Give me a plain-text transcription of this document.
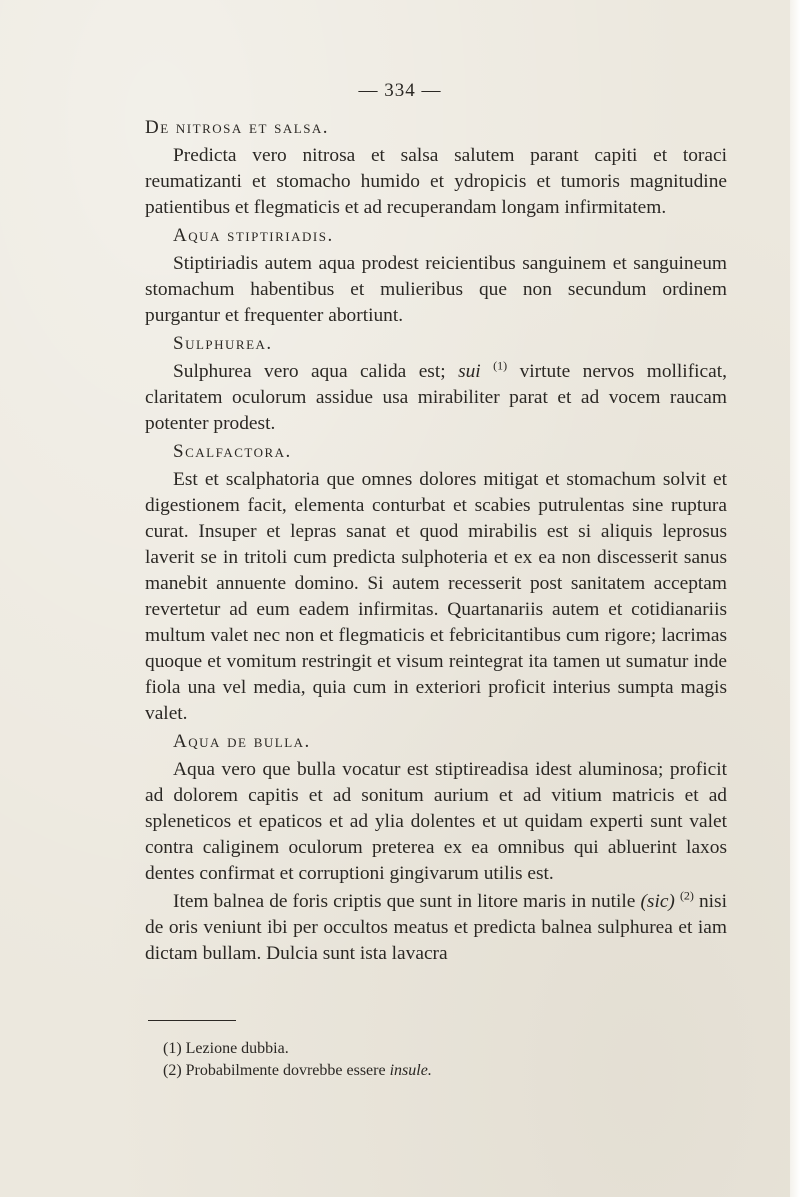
— 334 —
De nitrosa et salsa.

Predicta vero nitrosa et salsa salutem parant capiti et toraci reumatizanti et stomacho humido et ydropicis et tumoris magnitudine patientibus et flegmaticis et ad recuperandam longam infirmitatem.

Aqua stiptiriadis.

Stiptiriadis autem aqua prodest reicientibus sanguinem et sanguineum stomachum habentibus et mulieribus que non secundum ordinem purgantur et frequenter abortiunt.

Sulphurea.

Sulphurea vero aqua calida est; sui $^{(1)}$ virtute nervos mollificat, claritatem oculorum assidue usa mirabiliter parat et ad vocem raucam potenter prodest.

Scalfactora.

Est et scalphatoria que omnes dolores mitigat et stomachum solvit et digestionem facit, elementa conturbat et scabies putrulentas sine ruptura curat. Insuper et lepras sanat et quod mirabilis est si aliquis leprosus laverit se in tritoli cum predicta sulphoteria et ex ea non discesserit sanus manebit annuente domino. Si autem recesserit post sanitatem acceptam revertetur ad eum eadem infirmitas. Quartanariis autem et cotidianariis multum valet nec non et flegmaticis et febricitantibus cum rigore; lacrimas quoque et vomitum restringit et visum reintegrat ita tamen ut sumatur inde fiola una vel media, quia cum in exteriori proficit interius sumpta magis valet.

Aqua de bulla.

Aqua vero que bulla vocatur est stiptireadisa idest aluminosa; proficit ad dolorem capitis et ad sonitum aurium et ad vitium matricis et ad spleneticos et epaticos et ad ylia dolentes et ut quidam experti sunt valet contra caliginem oculorum preterea ex ea omnibus qui abluerint laxos dentes confirmat et corruptioni gingivarum utilis est.

Item balnea de foris criptis que sunt in litore maris in nutile (sic) $^{(2)}$ nisi de oris veniunt ibi per occultos meatus et predicta balnea sulphurea et iam dictam bullam. Dulcia sunt ista lavacra

(1) Lezione dubbia.

(2) Probabilmente dovrebbe essere insule.
